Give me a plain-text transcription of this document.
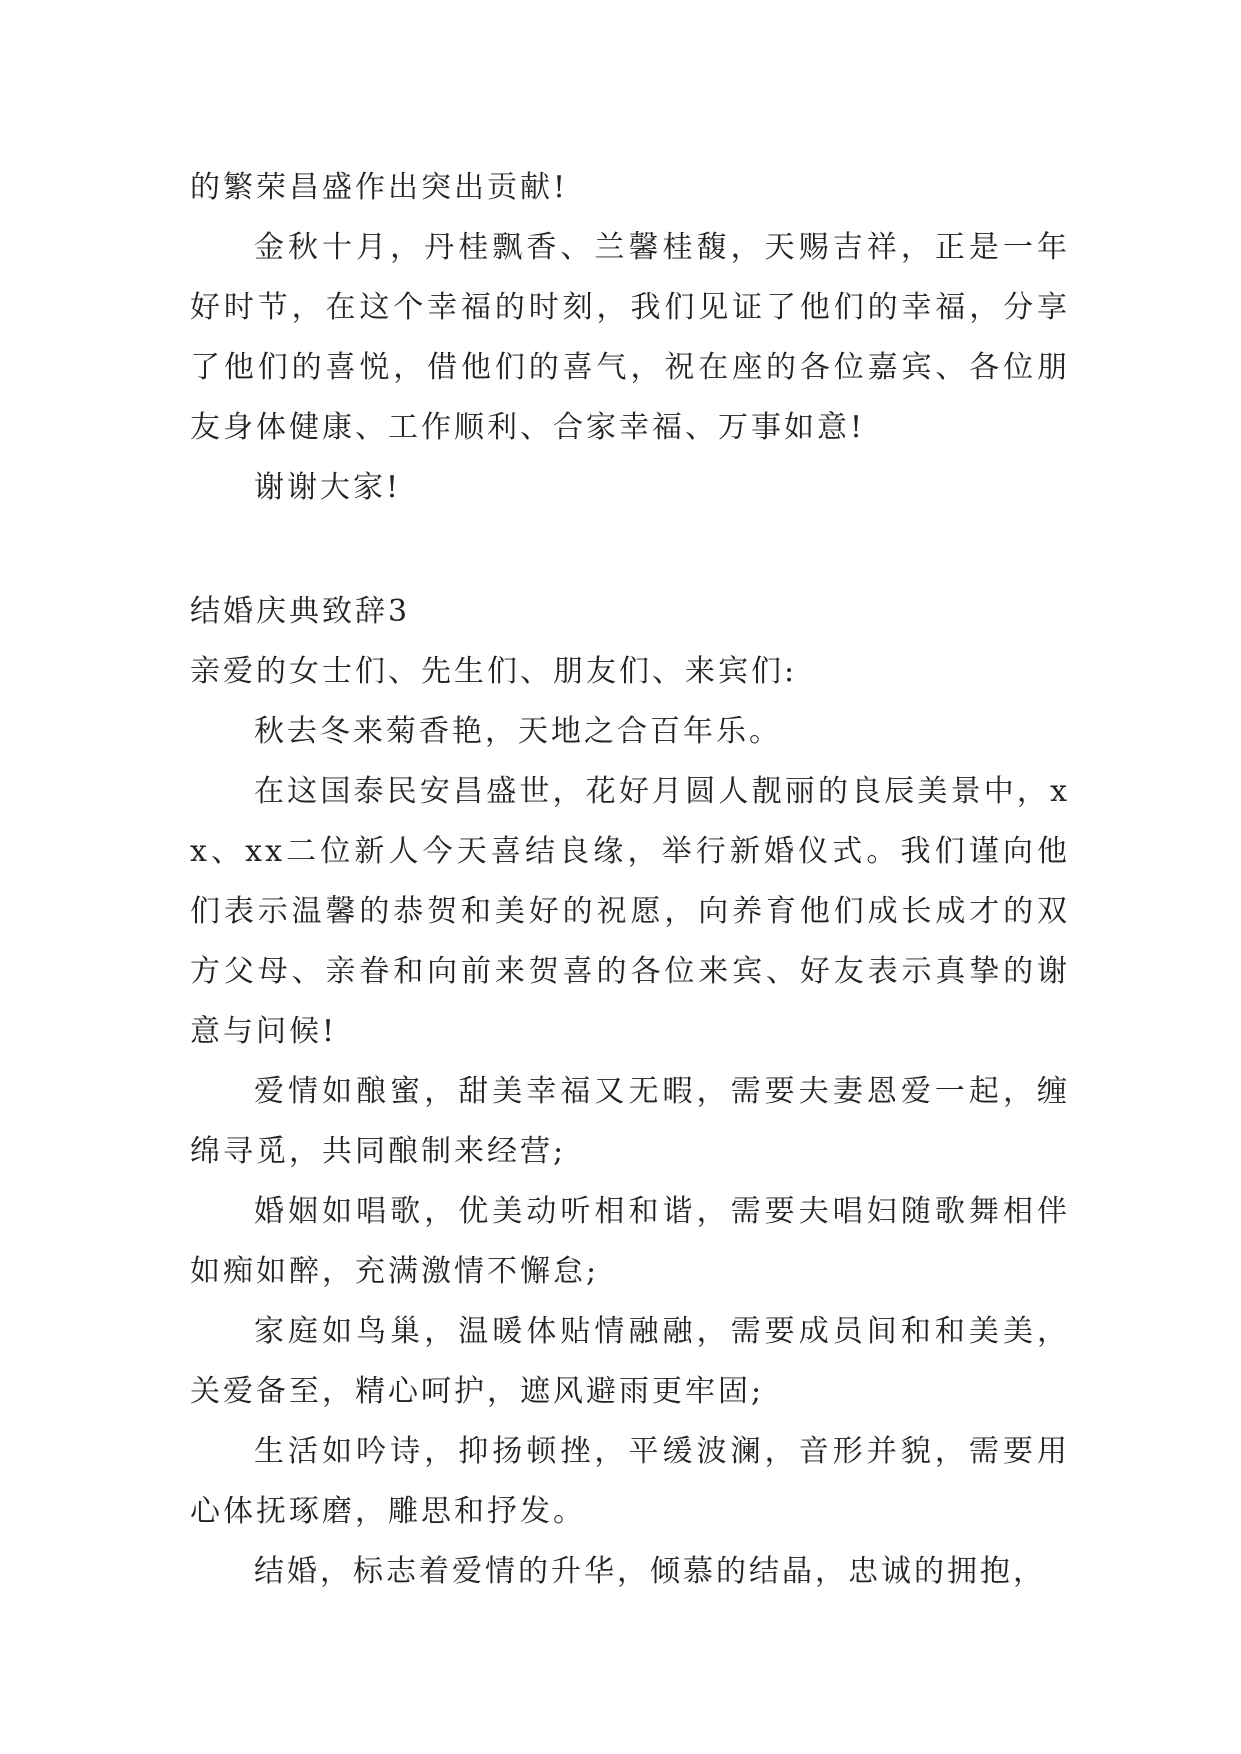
的繁荣昌盛作出突出贡献!

金秋十月，丹桂飘香、兰馨桂馥，天赐吉祥，正是一年好时节，在这个幸福的时刻，我们见证了他们的幸福，分享了他们的喜悦，借他们的喜气，祝在座的各位嘉宾、各位朋友身体健康、工作顺利、合家幸福、万事如意!

谢谢大家!

结婚庆典致辞3

亲爱的女士们、先生们、朋友们、来宾们:

秋去冬来菊香艳，天地之合百年乐。

在这国泰民安昌盛世，花好月圆人靓丽的良辰美景中，xx、xx二位新人今天喜结良缘，举行新婚仪式。我们谨向他们表示温馨的恭贺和美好的祝愿，向养育他们成长成才的双方父母、亲眷和向前来贺喜的各位来宾、好友表示真挚的谢意与问候!

爱情如酿蜜，甜美幸福又无暇，需要夫妻恩爱一起，缠绵寻觅，共同酿制来经营;

婚姻如唱歌，优美动听相和谐，需要夫唱妇随歌舞相伴如痴如醉，充满激情不懈怠;

家庭如鸟巢，温暖体贴情融融，需要成员间和和美美，关爱备至，精心呵护，遮风避雨更牢固;

生活如吟诗，抑扬顿挫，平缓波澜，音形并貌，需要用心体抚琢磨，雕思和抒发。

结婚，标志着爱情的升华，倾慕的结晶，忠诚的拥抱，
